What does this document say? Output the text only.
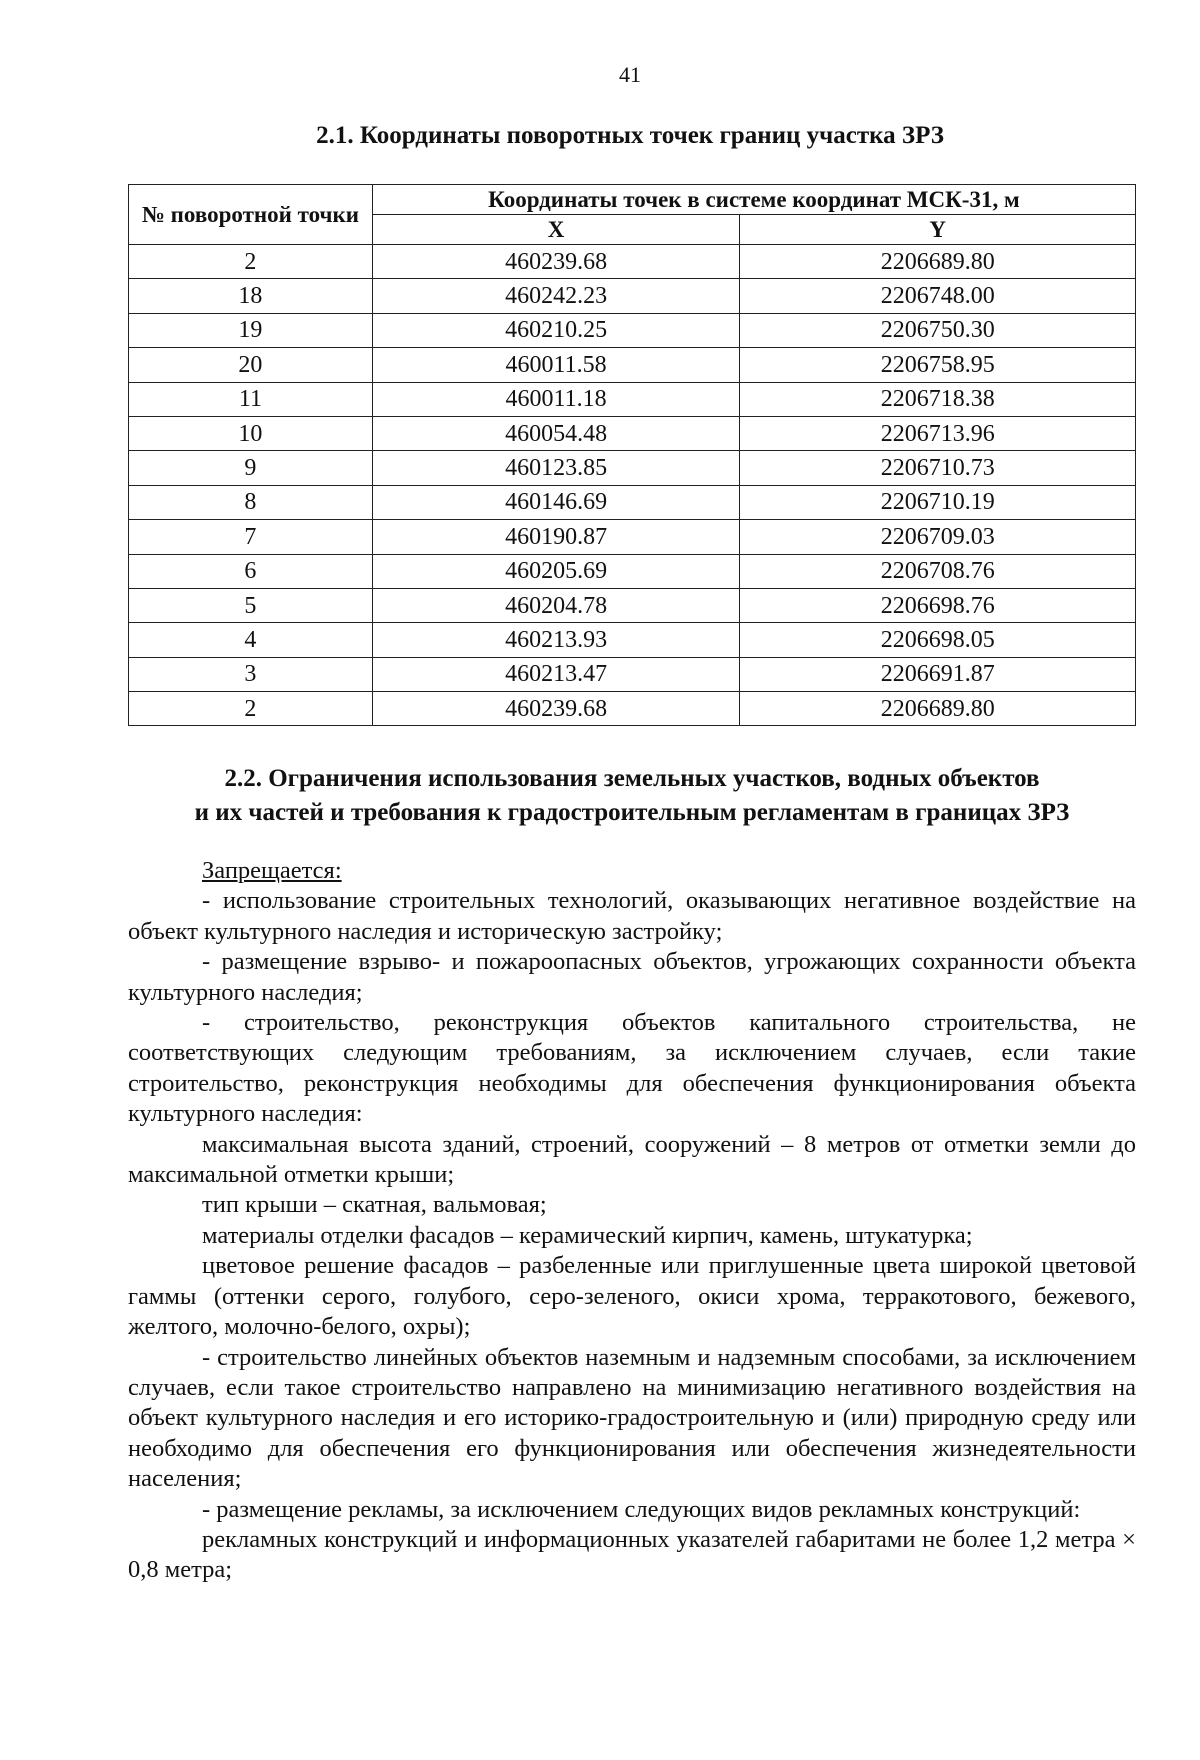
41
2.1. Координаты поворотных точек границ участка ЗРЗ
№ поворотной точки	Координаты точек в системе координат МСК-31, м	
	X	Y
2	460239.68	2206689.80
18	460242.23	2206748.00
19	460210.25	2206750.30
20	460011.58	2206758.95
11	460011.18	2206718.38
10	460054.48	2206713.96
9	460123.85	2206710.73
8	460146.69	2206710.19
7	460190.87	2206709.03
6	460205.69	2206708.76
5	460204.78	2206698.76
4	460213.93	2206698.05
3	460213.47	2206691.87
2	460239.68	2206689.80
2.2. Ограничения использования земельных участков, водных объектов
и их частей и требования к градостроительным регламентам в границах ЗРЗ

Запрещается:

- использование строительных технологий, оказывающих негативное воздействие на объект культурного наследия и историческую застройку;

- размещение взрыво- и пожароопасных объектов, угрожающих сохранности объекта культурного наследия;

- строительство, реконструкция объектов капитального строительства, не соответствующих следующим требованиям, за исключением случаев, если такие строительство, реконструкция необходимы для обеспечения функционирования объекта культурного наследия:

максимальная высота зданий, строений, сооружений – 8 метров от отметки земли до максимальной отметки крыши;

тип крыши – скатная, вальмовая;

материалы отделки фасадов – керамический кирпич, камень, штукатурка;

цветовое решение фасадов – разбеленные или приглушенные цвета широкой цветовой гаммы (оттенки серого, голубого, серо-зеленого, окиси хрома, терракотового, бежевого, желтого, молочно-белого, охры);

- строительство линейных объектов наземным и надземным способами, за исключением случаев, если такое строительство направлено на минимизацию негативного воздействия на объект культурного наследия и его историко-градостроительную и (или) природную среду или необходимо для обеспечения его функционирования или обеспечения жизнедеятельности населения;

- размещение рекламы, за исключением следующих видов рекламных конструкций:

рекламных конструкций и информационных указателей габаритами не более 1,2 метра × 0,8 метра;
